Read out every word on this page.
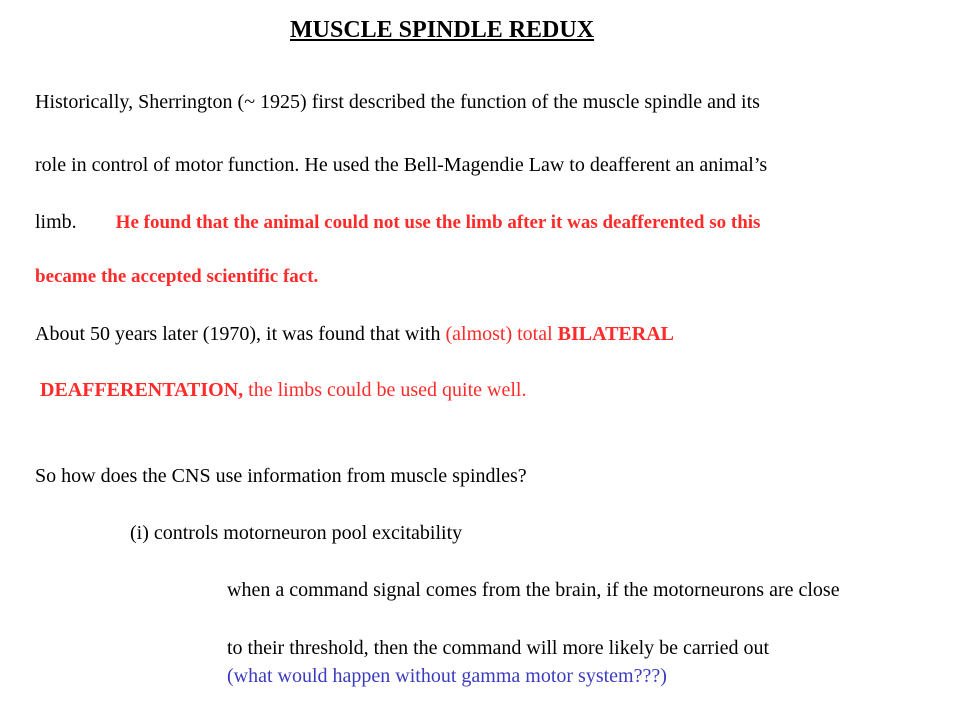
MUSCLE SPINDLE REDUX
Historically, Sherrington (~ 1925) first described the function of the muscle spindle and its
role in control of motor function. He used the Bell-Magendie Law to deafferent an animal’s
limb. He found that the animal could not use the limb after it was deafferented so this
became the accepted scientific fact.
About 50 years later (1970), it was found that with (almost) total BILATERAL
DEAFFERENTATION, the limbs could be used quite well.
So how does the CNS use information from muscle spindles?
(i) controls motorneuron pool excitability
when a command signal comes from the brain, if the motorneurons are close
to their threshold, then the command will more likely be carried out
(what would happen without gamma motor system???)
